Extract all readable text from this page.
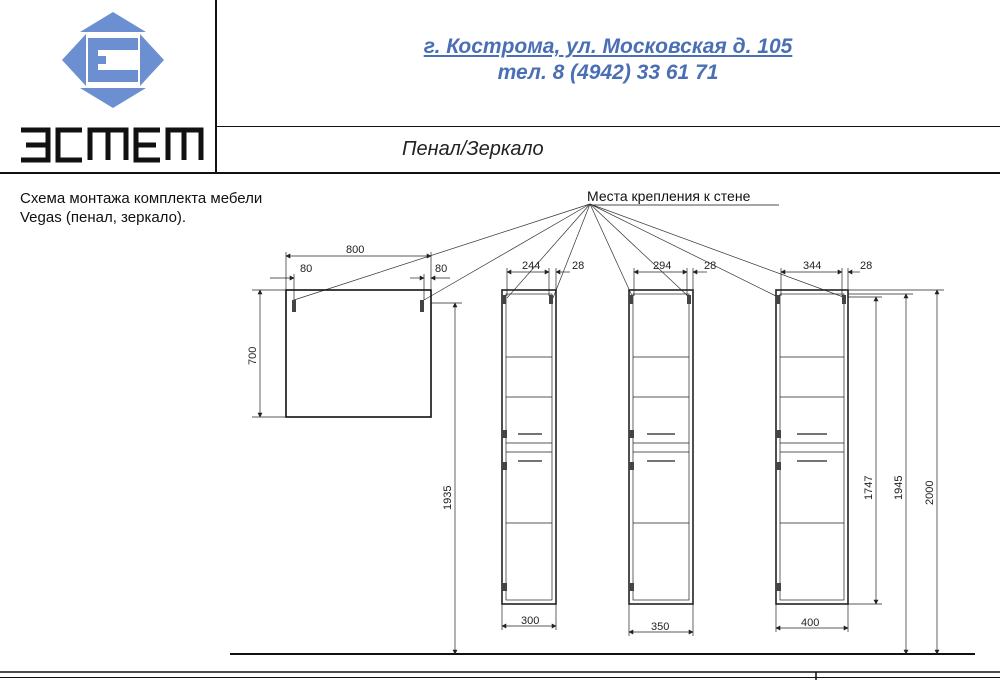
г. Кострома, ул. Московская д. 105
тел. 8 (4942) 33 61 71
Пенал/Зеркало
Схема монтажа комплекта мебели
Vegas (пенал, зеркало).
Места крепления к стене
800
80	80
700
1935
244	28
300
294	28
350
344	28
400
1747 1945 2000
